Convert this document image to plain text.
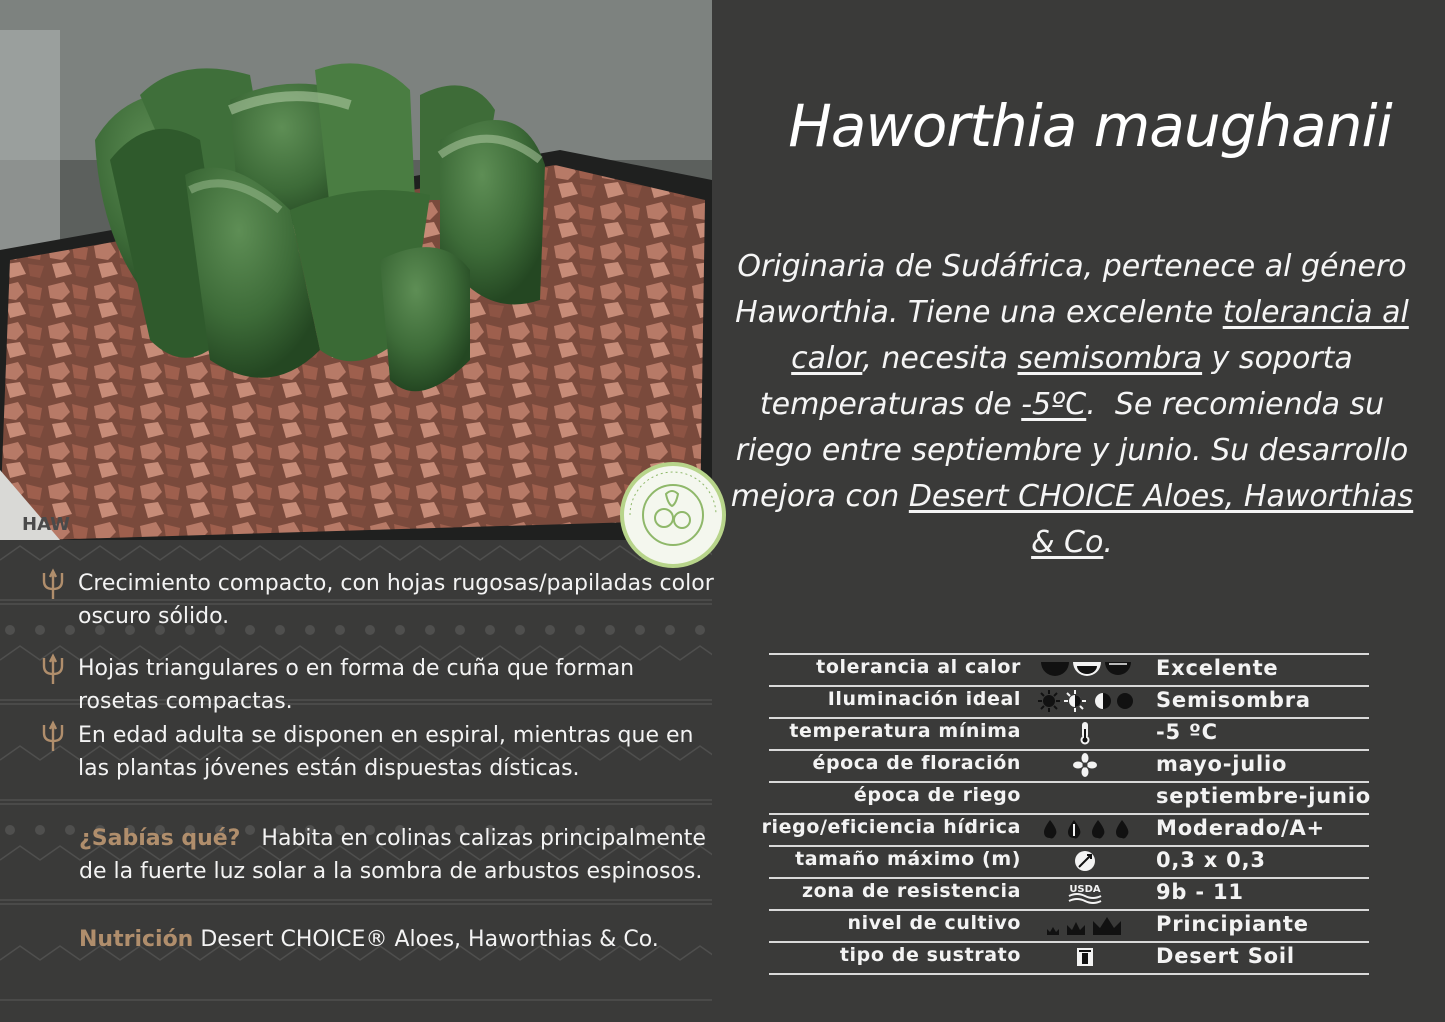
HAW
Crecimiento compacto, con hojas rugosas/papiladas color oscuro sólido.
Hojas triangulares o en forma de cuña que forman rosetas compactas.
En edad adulta se disponen en espiral, mientras que en las plantas jóvenes están dispuestas dísticas.
¿Sabías qué?   Habita en colinas calizas principalmente de la fuerte luz solar a la sombra de arbustos espinosos.
Nutrición Desert CHOICE® Aloes, Haworthias & Co.
Haworthia maughanii
Originaria de Sudáfrica, pertenece al género Haworthia. Tiene una excelente tolerancia al calor, necesita semisombra y soporta temperaturas de -5ºC.  Se recomienda su riego entre septiembre y junio. Su desarrollo mejora con Desert CHOICE Aloes, Haworthias & Co.
tolerancia al calor	Excelente
Iluminación ideal	Semisombra
temperatura mínima	-5 ºC
época de floración	mayo-julio
época de riego	septiembre-junio
riego/eficiencia hídrica	Moderado/A+
tamaño máximo (m)	0,3 x 0,3
zona de resistencia	USDA	9b - 11
nivel de cultivo	Principiante
tipo de sustrato	Desert Soil
